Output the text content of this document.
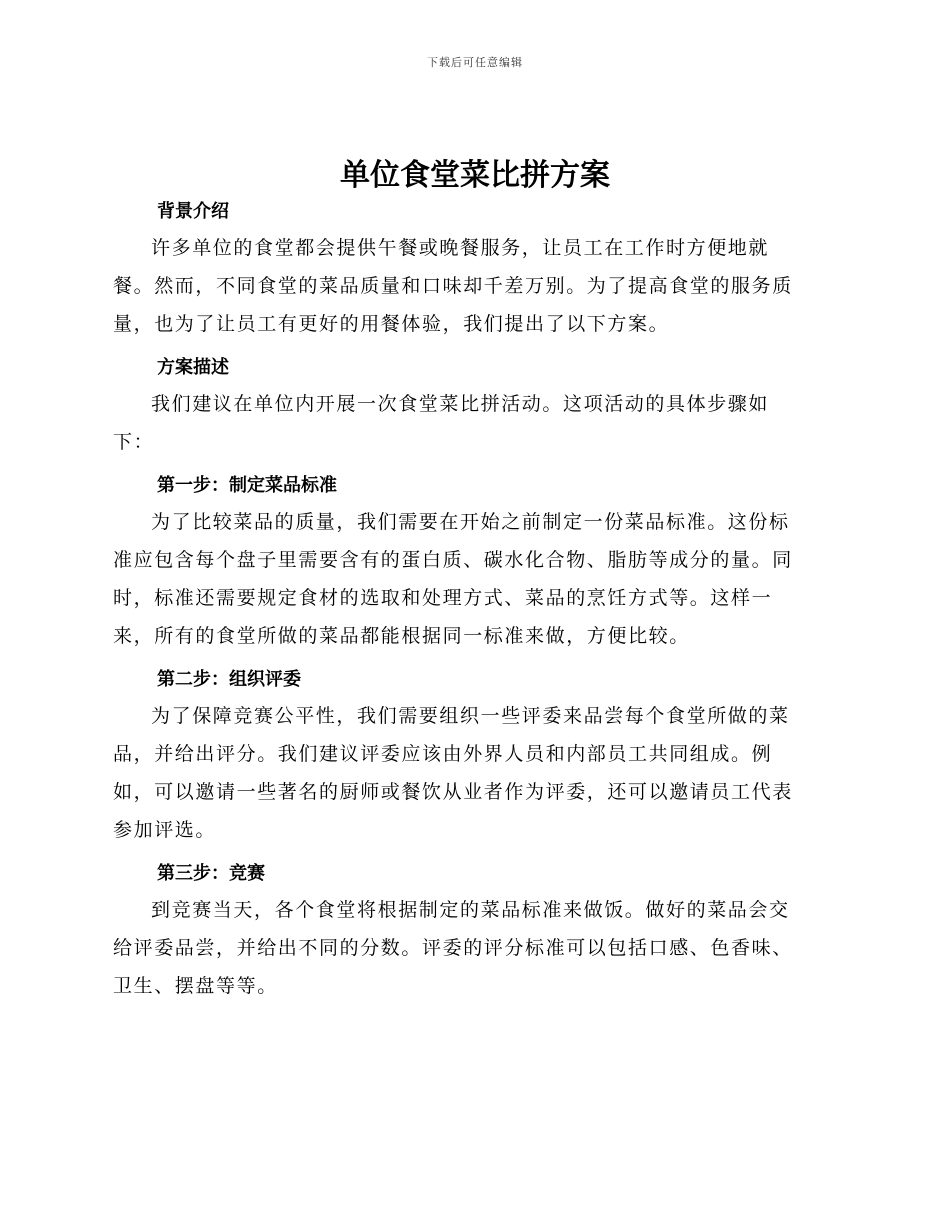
下载后可任意编辑
单位食堂菜比拼方案
背景介绍

许多单位的食堂都会提供午餐或晚餐服务，让员工在工作时方便地就
餐。然而，不同食堂的菜品质量和口味却千差万别。为了提高食堂的服务质
量，也为了让员工有更好的用餐体验，我们提出了以下方案。

方案描述

我们建议在单位内开展一次食堂菜比拼活动。这项活动的具体步骤如
下：

第一步：制定菜品标准

为了比较菜品的质量，我们需要在开始之前制定一份菜品标准。这份标
准应包含每个盘子里需要含有的蛋白质、碳水化合物、脂肪等成分的量。同
时，标准还需要规定食材的选取和处理方式、菜品的烹饪方式等。这样一
来，所有的食堂所做的菜品都能根据同一标准来做，方便比较。

第二步：组织评委

为了保障竞赛公平性，我们需要组织一些评委来品尝每个食堂所做的菜
品，并给出评分。我们建议评委应该由外界人员和内部员工共同组成。例
如，可以邀请一些著名的厨师或餐饮从业者作为评委，还可以邀请员工代表
参加评选。

第三步：竞赛

到竞赛当天，各个食堂将根据制定的菜品标准来做饭。做好的菜品会交
给评委品尝，并给出不同的分数。评委的评分标准可以包括口感、色香味、
卫生、摆盘等等。
